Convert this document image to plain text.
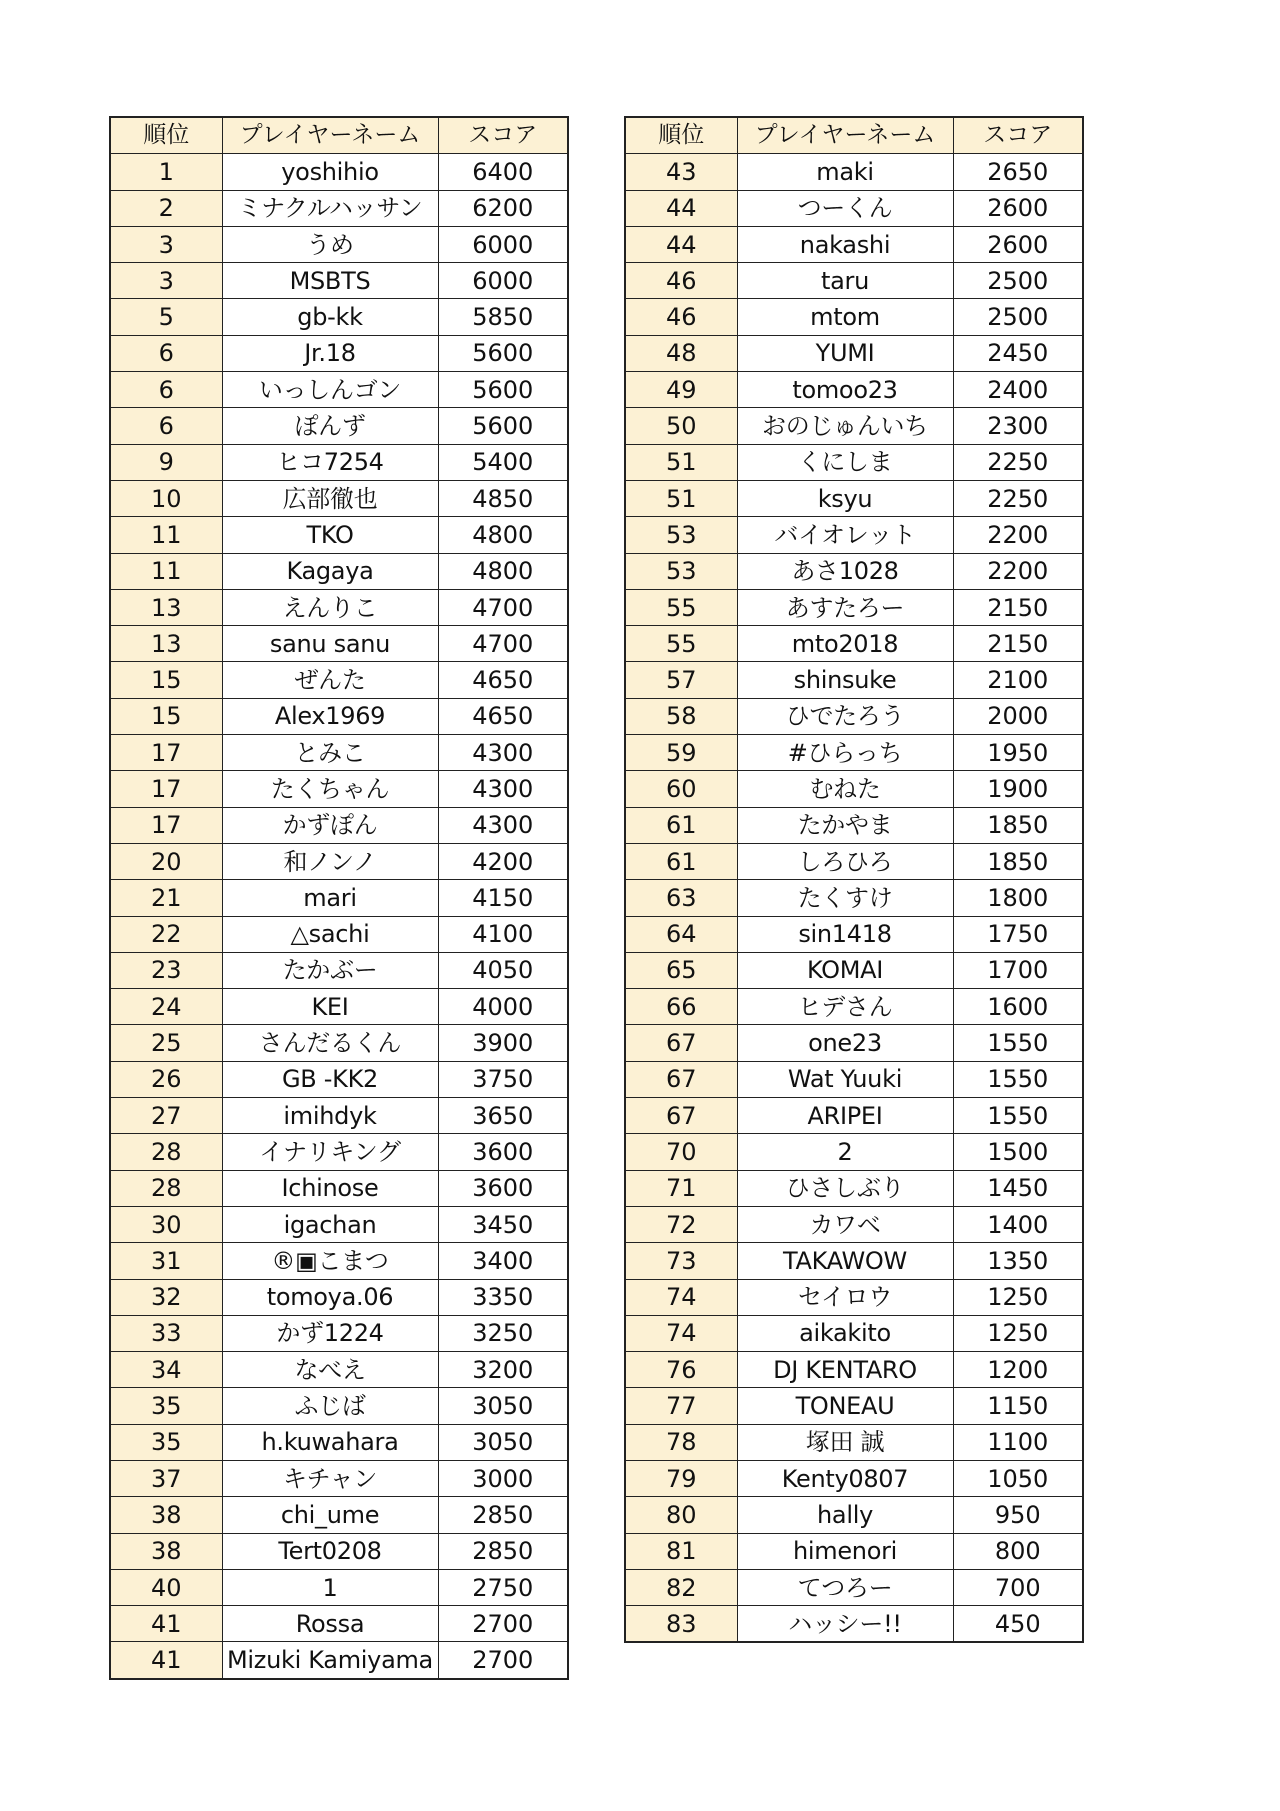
順位	プレイヤーネーム	スコア
1	yoshihio	6400
2	ミナクルハッサン	6200
3	うめ	6000
3	MSBTS	6000
5	gb-kk	5850
6	Jr.18	5600
6	いっしんゴン	5600
6	ぽんず	5600
9	ヒコ7254	5400
10	広部徹也	4850
11	TKO	4800
11	Kagaya	4800
13	えんりこ	4700
13	sanu sanu	4700
15	ぜんた	4650
15	Alex1969	4650
17	とみこ	4300
17	たくちゃん	4300
17	かずぽん	4300
20	和ノンノ	4200
21	mari	4150
22	△sachi	4100
23	たかぶー	4050
24	KEI	4000
25	さんだるくん	3900
26	GB -KK2	3750
27	imihdyk	3650
28	イナリキング	3600
28	Ichinose	3600
30	igachan	3450
31	®▣こまつ	3400
32	tomoya.06	3350
33	かず1224	3250
34	なべえ	3200
35	ふじば	3050
35	h.kuwahara	3050
37	キチャン	3000
38	chi_ume	2850
38	Tert0208	2850
40	1	2750
41	Rossa	2700
41	Mizuki Kamiyama	2700
順位	プレイヤーネーム	スコア
43	maki	2650
44	つーくん	2600
44	nakashi	2600
46	taru	2500
46	mtom	2500
48	YUMI	2450
49	tomoo23	2400
50	おのじゅんいち	2300
51	くにしま	2250
51	ksyu	2250
53	バイオレット	2200
53	あさ1028	2200
55	あすたろー	2150
55	mto2018	2150
57	shinsuke	2100
58	ひでたろう	2000
59	#ひらっち	1950
60	むねた	1900
61	たかやま	1850
61	しろひろ	1850
63	たくすけ	1800
64	sin1418	1750
65	KOMAI	1700
66	ヒデさん	1600
67	one23	1550
67	Wat Yuuki	1550
67	ARIPEI	1550
70	2	1500
71	ひさしぶり	1450
72	カワベ	1400
73	TAKAWOW	1350
74	セイロウ	1250
74	aikakito	1250
76	DJ KENTARO	1200
77	TONEAU	1150
78	塚田 誠	1100
79	Kenty0807	1050
80	hally	950
81	himenori	800
82	てつろー	700
83	ハッシー!!	450
